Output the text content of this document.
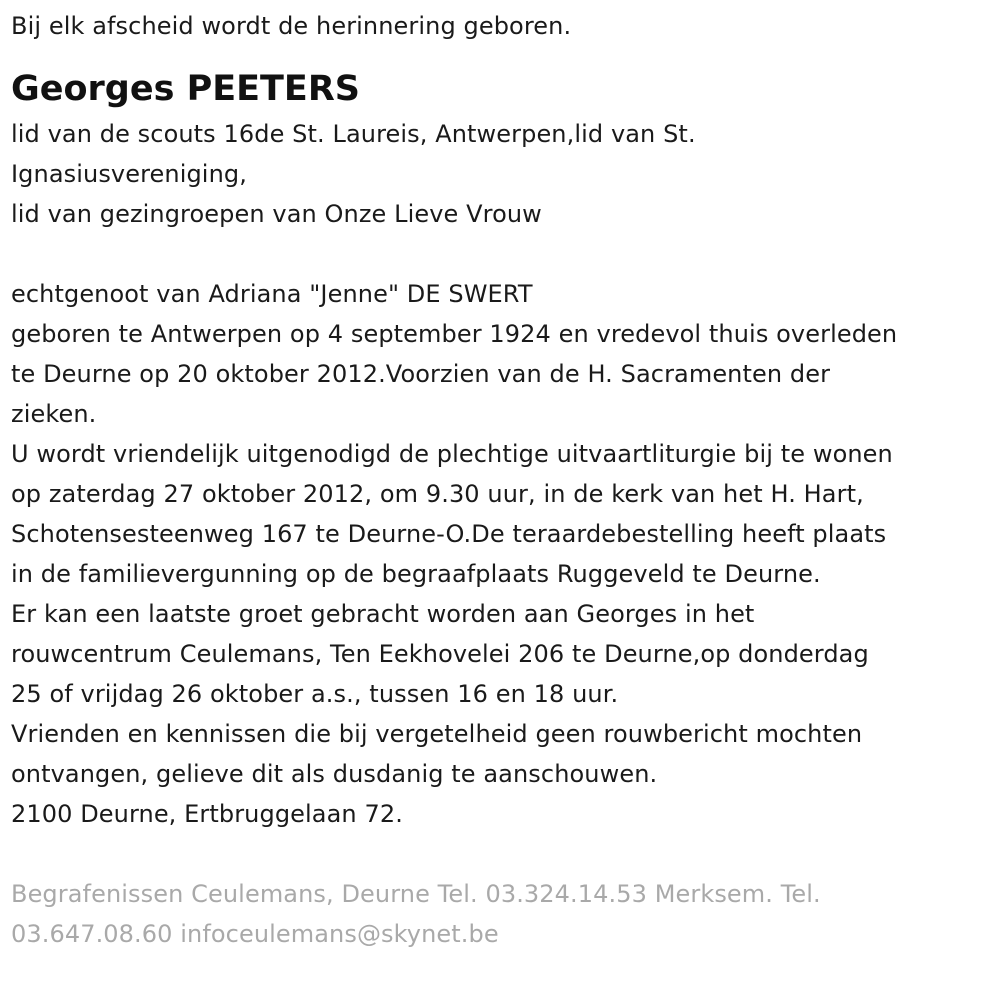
Bij elk afscheid wordt de herinnering geboren.
Georges PEETERS
lid van de scouts 16de St. Laureis, Antwerpen,lid van St.
Ignasiusvereniging,
lid van gezingroepen van Onze Lieve Vrouw
echtgenoot van Adriana "Jenne" DE SWERT
geboren te Antwerpen op 4 september 1924 en vredevol thuis overleden
te Deurne op 20 oktober 2012.Voorzien van de H. Sacramenten der
zieken.
U wordt vriendelijk uitgenodigd de plechtige uitvaartliturgie bij te wonen
op zaterdag 27 oktober 2012, om 9.30 uur, in de kerk van het H. Hart,
Schotensesteenweg 167 te Deurne-O.De teraardebestelling heeft plaats
in de familievergunning op de begraafplaats Ruggeveld te Deurne.
Er kan een laatste groet gebracht worden aan Georges in het
rouwcentrum Ceulemans, Ten Eekhovelei 206 te Deurne,op donderdag
25 of vrijdag 26 oktober a.s., tussen 16 en 18 uur.
Vrienden en kennissen die bij vergetelheid geen rouwbericht mochten
ontvangen, gelieve dit als dusdanig te aanschouwen.
2100 Deurne, Ertbruggelaan 72.
Begrafenissen Ceulemans, Deurne Tel. 03.324.14.53 Merksem. Tel.
03.647.08.60 infoceulemans@skynet.be
